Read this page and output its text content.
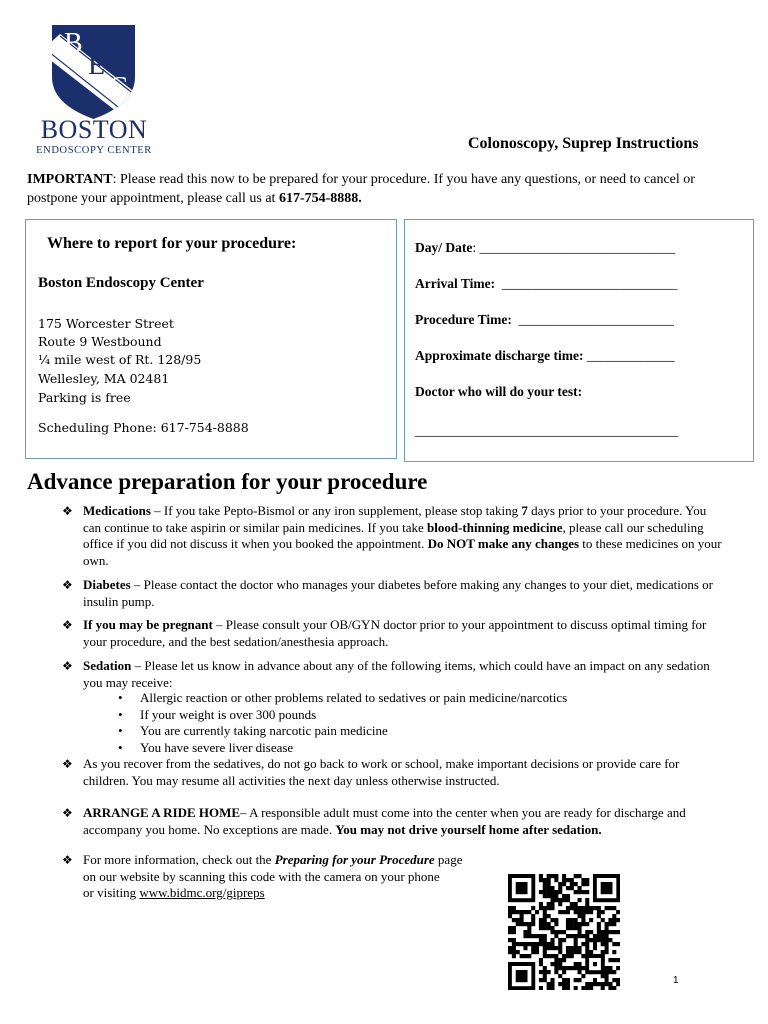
B
E
C
BOSTON
ENDOSCOPY CENTER	Colonoscopy, Suprep Instructions
IMPORTANT: Please read this now to be prepared for your procedure. If you have any questions, or need to cancel or postpone your appointment, please call us at 617-754-8888.
Where to report for your procedure:
Boston Endoscopy Center
175 Worcester Street
Route 9 Westbound
¼ mile west of Rt. 128/95
Wellesley, MA 02481
Parking is free
Scheduling Phone: 617-754-8888
Day/ Date: _____________________________
Arrival Time: __________________________
Procedure Time: _______________________
Approximate discharge time: _____________
Doctor who will do your test:
_______________________________________
Advance preparation for your procedure
❖ Medications – If you take Pepto-Bismol or any iron supplement, please stop taking 7 days prior to your procedure. You can continue to take aspirin or similar pain medicines. If you take blood-thinning medicine, please call our scheduling office if you did not discuss it when you booked the appointment. Do NOT make any changes to these medicines on your own.
❖ Diabetes – Please contact the doctor who manages your diabetes before making any changes to your diet, medications or insulin pump.
❖ If you may be pregnant – Please consult your OB/GYN doctor prior to your appointment to discuss optimal timing for your procedure, and the best sedation/anesthesia approach.
❖ Sedation – Please let us know in advance about any of the following items, which could have an impact on any sedation you may receive:
• Allergic reaction or other problems related to sedatives or pain medicine/narcotics
• If your weight is over 300 pounds
• You are currently taking narcotic pain medicine
• You have severe liver disease
❖ As you recover from the sedatives, do not go back to work or school, make important decisions or provide care for children. You may resume all activities the next day unless otherwise instructed.
❖ ARRANGE A RIDE HOME– A responsible adult must come into the center when you are ready for discharge and accompany you home. No exceptions are made. You may not drive yourself home after sedation.
❖ For more information, check out the Preparing for your Procedure page
on our website by scanning this code with the camera on your phone
or visiting www.bidmc.org/gipreps
1
